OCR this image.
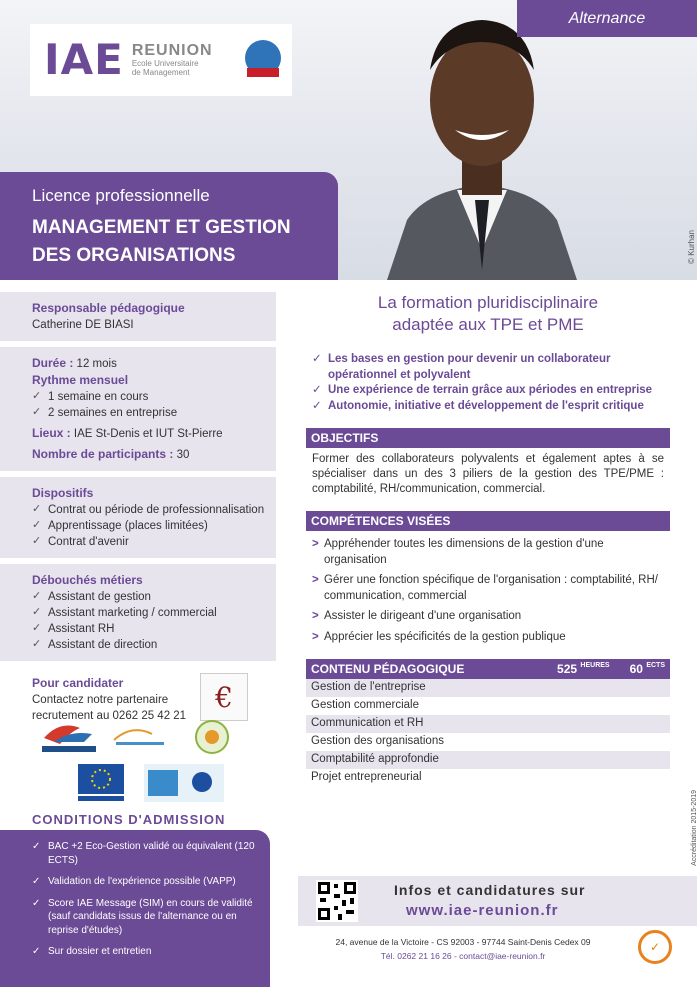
© Kurhan
Alternance
IAE REUNION
Ecole Universitaire
de Management
Licence professionnelle
MANAGEMENT ET GESTION
DES ORGANISATIONS
Responsable pédagogique
Catherine DE BIASI
Durée : 12 mois
Rythme mensuel
✓ 1 semaine en cours
✓ 2 semaines en entreprise
Lieux : IAE St-Denis et IUT St-Pierre
Nombre de participants : 30
Dispositifs
✓ Contrat ou période de professionnalisation
✓ Apprentissage (places limitées)
✓ Contrat d'avenir
Débouchés métiers
✓ Assistant de gestion
✓ Assistant marketing / commercial
✓ Assistant RH
✓ Assistant de direction
Pour candidater
Contactez notre partenaire
recrutement au 0262 25 42 21
€
CONDITIONS D'ADMISSION
✓ BAC +2 Eco-Gestion validé ou équivalent (120 ECTS)
✓ Validation de l'expérience possible (VAPP)
✓ Score IAE Message (SIM) en cours de validité (sauf candidats issus de l'alternance ou en reprise d'études)
✓ Sur dossier et entretien
La formation pluridisciplinaire
adaptée aux TPE et PME
✓ Les bases en gestion pour devenir un collaborateur opérationnel et polyvalent
✓ Une expérience de terrain grâce aux périodes en entreprise
✓ Autonomie, initiative et développement de l'esprit critique
OBJECTIFS
Former des collaborateurs polyvalents et également aptes à se spécialiser dans un des 3 piliers de la gestion des TPE/PME : comptabilité, RH/communication, commercial.
COMPÉTENCES VISÉES
> Appréhender toutes les dimensions de la gestion d'une organisation
> Gérer une fonction spécifique de l'organisation : comptabilité, RH/ communication, commercial
> Assister le dirigeant d'une organisation
> Apprécier les spécificités de la gestion publique
CONTENU PÉDAGOGIQUE	525 $^{HEURES}$ 60 $^{ECTS}$
Gestion de l'entreprise
Gestion commerciale
Communication et RH
Gestion des organisations
Comptabilité approfondie
Projet entrepreneurial
Accréditation 2015-2019
Infos et candidatures sur
www.iae-reunion.fr
24, avenue de la Victoire - CS 92003 - 97744 Saint-Denis Cedex 09
Tél. 0262 21 16 26 - contact@iae-reunion.fr
✓
